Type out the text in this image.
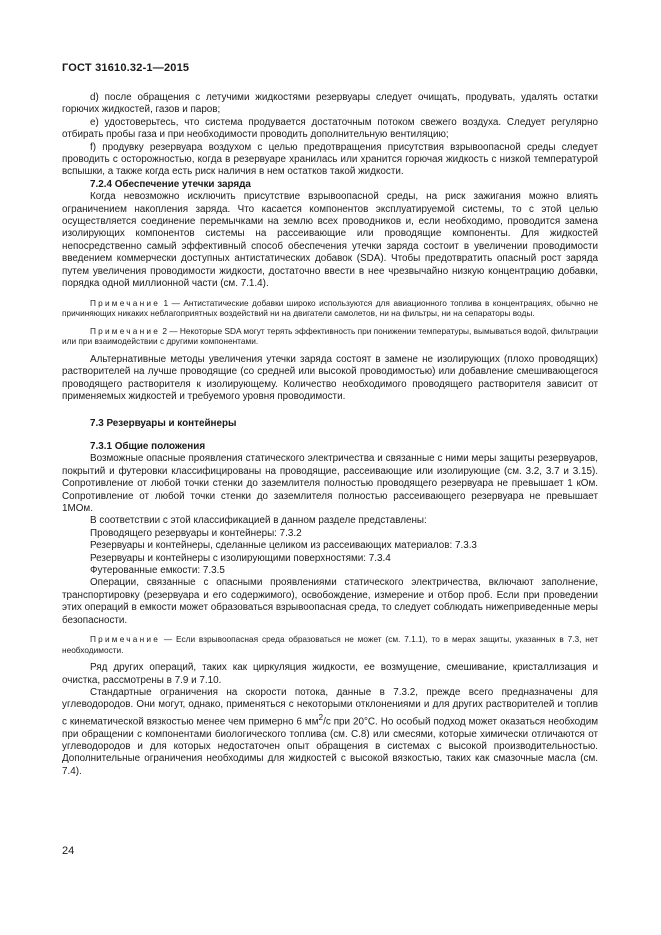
ГОСТ 31610.32-1—2015

d) после обращения с летучими жидкостями резервуары следует очищать, продувать, удалять остатки горючих жидкостей, газов и паров;

е) удостоверьтесь, что система продувается достаточным потоком свежего воздуха. Следует регулярно отбирать пробы газа и при необходимости проводить дополнительную вентиляцию;

f) продувку резервуара воздухом с целью предотвращения присутствия взрывоопасной среды следует проводить с осторожностью, когда в резервуаре хранилась или хранится горючая жидкость с низкой температурой вспышки, а также когда есть риск наличия в нем остатков такой жидкости.

7.2.4 Обеспечение утечки заряда

Когда невозможно исключить присутствие взрывоопасной среды, на риск зажигания можно влиять ограничением накопления заряда. Что касается компонентов эксплуатируемой системы, то с этой целью осуществляется соединение перемычками на землю всех проводников и, если необходимо, проводится замена изолирующих компонентов системы на рассеивающие или проводящие компоненты. Для жидкостей непосредственно самый эффективный способ обеспечения утечки заряда состоит в увеличении проводимости введением коммерчески доступных антистатических добавок (SDA). Чтобы предотвратить опасный рост заряда путем увеличения проводимости жидкости, достаточно ввести в нее чрезвычайно низкую концентрацию добавки, порядка одной миллионной части (см. 7.1.4).

Примечание 1 — Антистатические добавки широко используются для авиационного топлива в концентрациях, обычно не причиняющих никаких неблагоприятных воздействий ни на двигатели самолетов, ни на фильтры, ни на сепараторы воды.

Примечание 2 — Некоторые SDA могут терять эффективность при понижении температуры, вымываться водой, фильтрации или при взаимодействии с другими компонентами.

Альтернативные методы увеличения утечки заряда состоят в замене не изолирующих (плохо проводящих) растворителей на лучше проводящие (со средней или высокой проводимостью) или добавление смешивающегося проводящего растворителя к изолирующему. Количество необходимого проводящего растворителя зависит от применяемых жидкостей и требуемого уровня проводимости.

7.3 Резервуары и контейнеры
7.3.1 Общие положения

Возможные опасные проявления статического электричества и связанные с ними меры защиты резервуаров, покрытий и футеровки классифицированы на проводящие, рассеивающие или изолирующие (см. 3.2, 3.7 и 3.15). Сопротивление от любой точки стенки до заземлителя полностью проводящего резервуара не превышает 1 кОм. Сопротивление от любой точки стенки до заземлителя полностью рассеивающего резервуара не превышает 1МОм.

В соответствии с этой классификацией в данном разделе представлены:

Проводящего резервуары и контейнеры: 7.3.2

Резервуары и контейнеры, сделанные целиком из рассеивающих материалов: 7.3.3

Резервуары и контейнеры с изолирующими поверхностями: 7.3.4

Футерованные емкости: 7.3.5

Операции, связанные с опасными проявлениями статического электричества, включают заполнение, транспортировку (резервуара и его содержимого), освобождение, измерение и отбор проб. Если при проведении этих операций в емкости может образоваться взрывоопасная среда, то следует соблюдать нижеприведенные меры безопасности.

Примечание — Если взрывоопасная среда образоваться не может (см. 7.1.1), то в мерах защиты, указанных в 7.3, нет необходимости.

Ряд других операций, таких как циркуляция жидкости, ее возмущение, смешивание, кристаллизация и очистка, рассмотрены в 7.9 и 7.10.

Стандартные ограничения на скорости потока, данные в 7.3.2, прежде всего предназначены для углеводородов. Они могут, однако, применяться с некоторыми отклонениями и для других растворителей и топлив с кинематической вязкостью менее чем примерно 6 $мм^2/с$ при 20°С. Но особый подход может оказаться необходим при обращении с компонентами биологического топлива (см. С.8) или смесями, которые химически отличаются от углеводородов и для которых недостаточен опыт обращения в системах с высокой производительностью. Дополнительные ограничения необходимы для жидкостей с высокой вязкостью, таких как смазочные масла (см. 7.4).

24
